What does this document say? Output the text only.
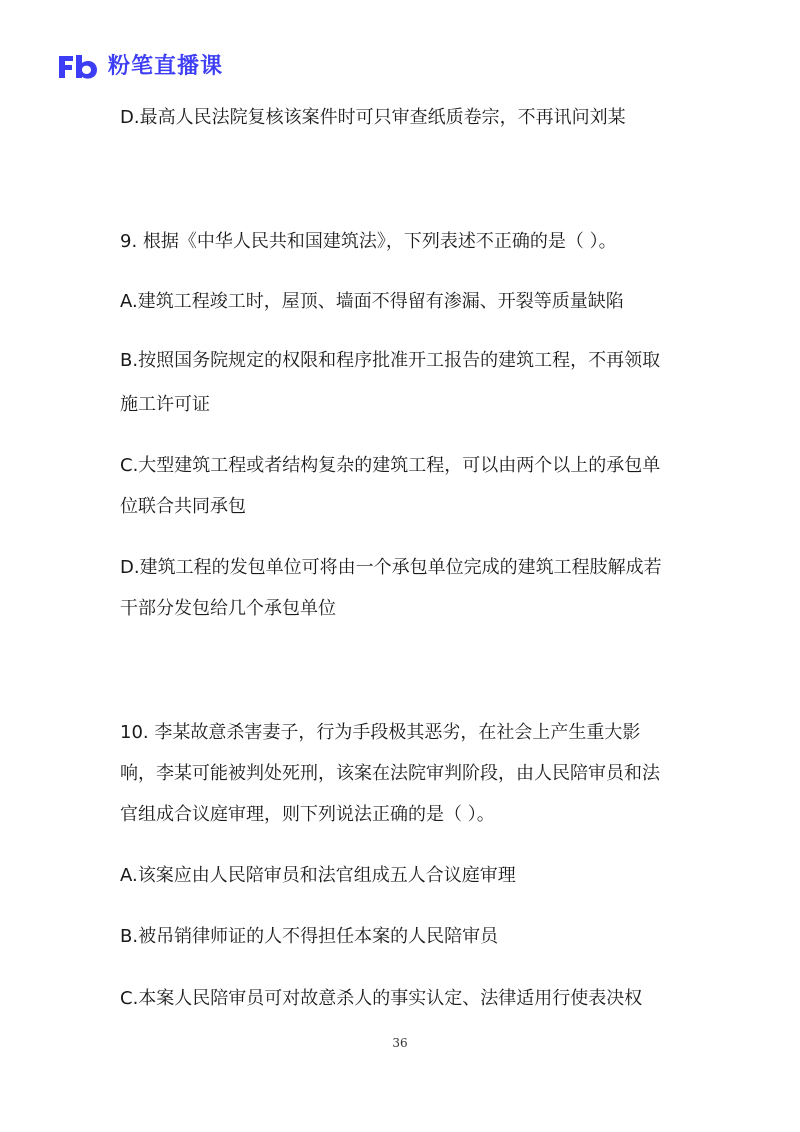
粉笔直播课
D.最高人民法院复核该案件时可只审查纸质卷宗，不再讯问刘某
9. 根据《中华人民共和国建筑法》，下列表述不正确的是（ ）。
A.建筑工程竣工时，屋顶、墙面不得留有渗漏、开裂等质量缺陷
B.按照国务院规定的权限和程序批准开工报告的建筑工程，不再领取
施工许可证
C.大型建筑工程或者结构复杂的建筑工程，可以由两个以上的承包单
位联合共同承包
D.建筑工程的发包单位可将由一个承包单位完成的建筑工程肢解成若
干部分发包给几个承包单位
10. 李某故意杀害妻子，行为手段极其恶劣，在社会上产生重大影
响，李某可能被判处死刑，该案在法院审判阶段，由人民陪审员和法
官组成合议庭审理，则下列说法正确的是（ ）。
A.该案应由人民陪审员和法官组成五人合议庭审理
B.被吊销律师证的人不得担任本案的人民陪审员
C.本案人民陪审员可对故意杀人的事实认定、法律适用行使表决权
36
